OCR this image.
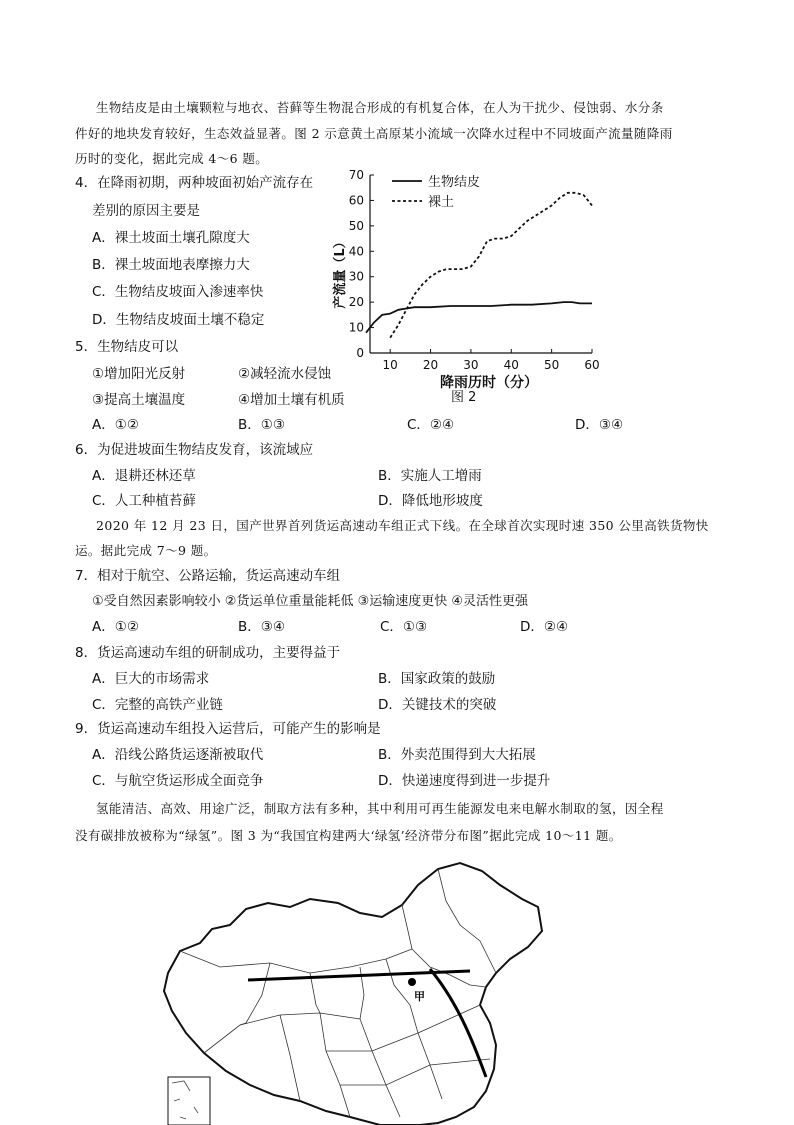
生物结皮是由土壤颗粒与地衣、苔藓等生物混合形成的有机复合体，在人为干扰少、侵蚀弱、水分条
件好的地块发育较好，生态效益显著。图 2 示意黄土高原某小流域一次降水过程中不同坡面产流量随降雨
历时的变化，据此完成 4～6 题。
4．在降雨初期，两种坡面初始产流存在
差别的原因主要是
A．裸土坡面土壤孔隙度大
B．裸土坡面地表摩擦力大
C．生物结皮坡面入渗速率快
D．生物结皮坡面土壤不稳定
0
10
20
30
40
50
60
70
10 20 30 40 50 60
降雨历时（分）
产流量（L）
生物结皮
裸土
图 2
5．生物结皮可以
①增加阳光反射	②减轻流水侵蚀
③提高土壤温度	④增加土壤有机质
A．①②	B．①③	C．②④	D．③④
6．为促进坡面生物结皮发育，该流域应
A．退耕还林还草	B．实施人工增雨
C．人工种植苔藓	D．降低地形坡度
2020 年 12 月 23 日，国产世界首列货运高速动车组正式下线。在全球首次实现时速 350 公里高铁货物快
运。据此完成 7～9 题。
7．相对于航空、公路运输，货运高速动车组
①受自然因素影响较小 ②货运单位重量能耗低 ③运输速度更快 ④灵活性更强
A．①②	B．③④	C．①③	D．②④
8．货运高速动车组的研制成功，主要得益于
A．巨大的市场需求	B．国家政策的鼓励
C．完整的高铁产业链	D．关键技术的突破
9．货运高速动车组投入运营后，可能产生的影响是
A．沿线公路货运逐渐被取代	B．外卖范围得到大大拓展
C．与航空货运形成全面竞争	D．快递速度得到进一步提升
氢能清洁、高效、用途广泛，制取方法有多种，其中利用可再生能源发电来电解水制取的氢，因全程
没有碳排放被称为“绿氢”。图 3 为“我国宜构建两大‘绿氢’经济带分布图”据此完成 10～11 题。
甲
